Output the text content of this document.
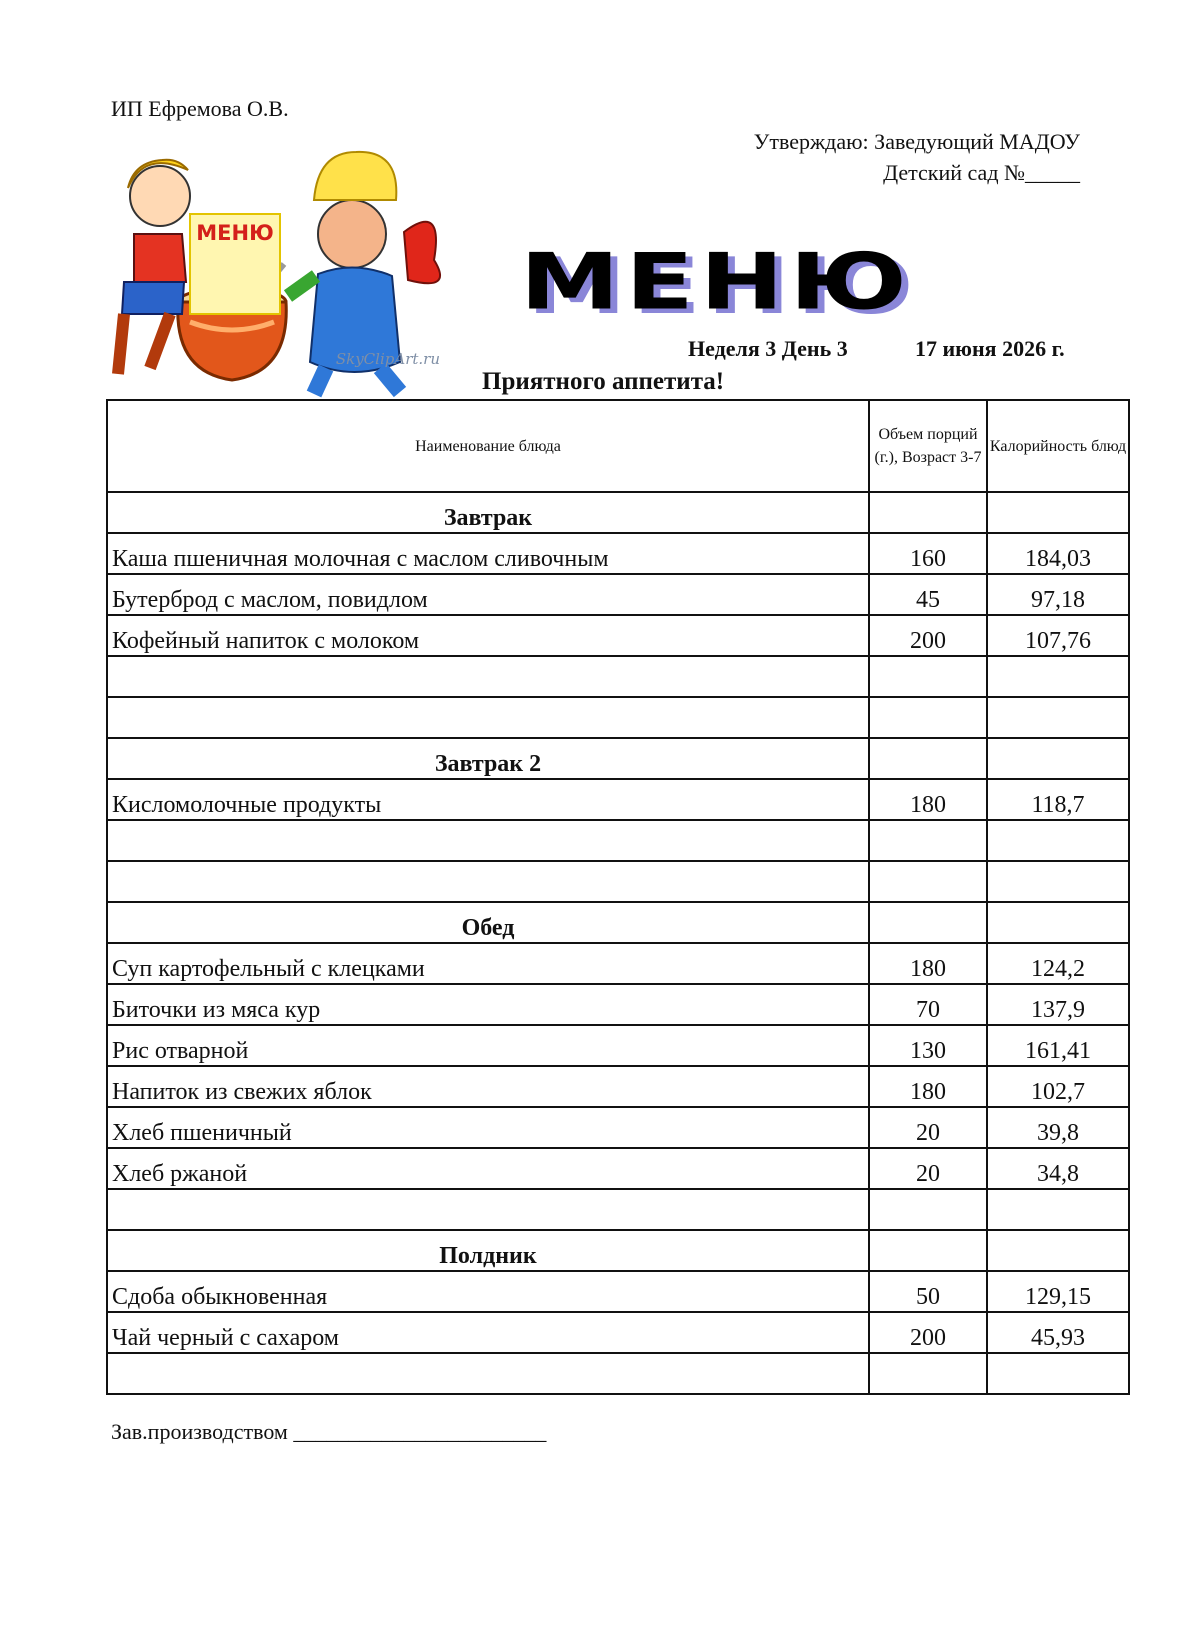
ИП Ефремова О.В.
Утверждаю: Заведующий МАДОУ
Детский сад №_____
МЕНЮ
SkyClipArt.ru
МЕНЮ
Неделя 3 День 3	17 июня 2026 г.
Приятного аппетита!
Наименование блюда	Объем порций (г.), Возраст 3-7	Калорийность блюд
Завтрак		
Каша пшеничная молочная с маслом сливочным	160	184,03
Бутерброд с маслом, повидлом	45	97,18
Кофейный напиток с молоком	200	107,76

Завтрак 2		
Кисломолочные продукты	180	118,7

Обед		
Суп картофельный с клецками	180	124,2
Биточки из мяса кур	70	137,9
Рис отварной	130	161,41
Напиток из свежих яблок	180	102,7
Хлеб пшеничный	20	39,8
Хлеб ржаной	20	34,8

Полдник		
Сдоба обыкновенная	50	129,15
Чай черный с сахаром	200	45,93

Зав.производством _______________________
